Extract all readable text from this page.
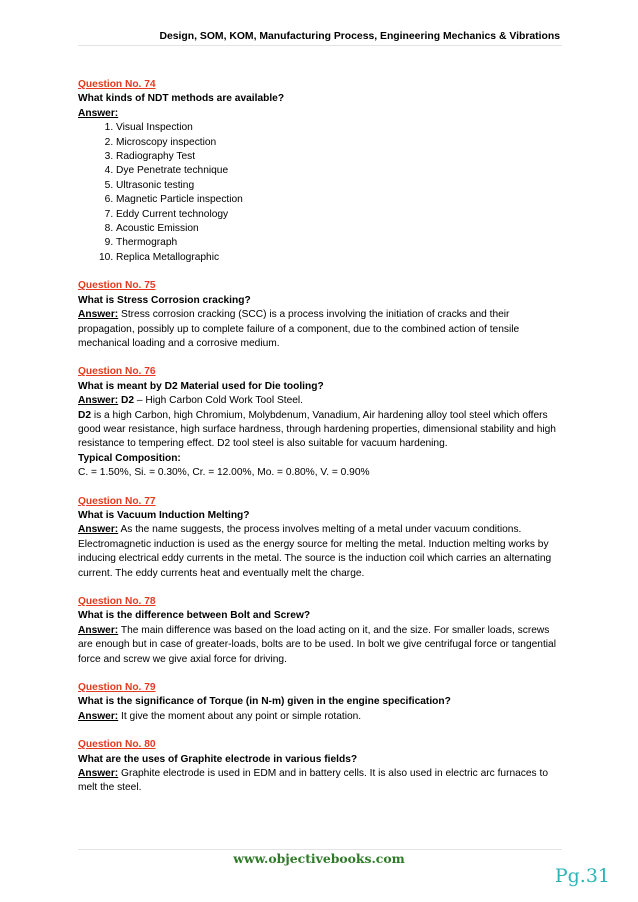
Design, SOM, KOM, Manufacturing Process, Engineering Mechanics & Vibrations

Question No. 74

What kinds of NDT methods are available?

Answer:

1. Visual Inspection
2. Microscopy inspection
3. Radiography Test
4. Dye Penetrate technique
5. Ultrasonic testing
6. Magnetic Particle inspection
7. Eddy Current technology
8. Acoustic Emission
9. Thermograph
10. Replica Metallographic

Question No. 75

What is Stress Corrosion cracking?

Answer: Stress corrosion cracking (SCC) is a process involving the initiation of cracks and their propagation, possibly up to complete failure of a component, due to the combined action of tensile mechanical loading and a corrosive medium.

Question No. 76

What is meant by D2 Material used for Die tooling?

Answer: D2 – High Carbon Cold Work Tool Steel.

D2 is a high Carbon, high Chromium, Molybdenum, Vanadium, Air hardening alloy tool steel which offers good wear resistance, high surface hardness, through hardening properties, dimensional stability and high resistance to tempering effect. D2 tool steel is also suitable for vacuum hardening.

Typical Composition:

C. = 1.50%, Si. = 0.30%, Cr. = 12.00%, Mo. = 0.80%, V. = 0.90%

Question No. 77

What is Vacuum Induction Melting?

Answer: As the name suggests, the process involves melting of a metal under vacuum conditions. Electromagnetic induction is used as the energy source for melting the metal. Induction melting works by inducing electrical eddy currents in the metal. The source is the induction coil which carries an alternating current. The eddy currents heat and eventually melt the charge.

Question No. 78

What is the difference between Bolt and Screw?

Answer: The main difference was based on the load acting on it, and the size. For smaller loads, screws are enough but in case of greater-loads, bolts are to be used. In bolt we give centrifugal force or tangential force and screw we give axial force for driving.

Question No. 79

What is the significance of Torque (in N-m) given in the engine specification?

Answer: It give the moment about any point or simple rotation.

Question No. 80

What are the uses of Graphite electrode in various fields?

Answer: Graphite electrode is used in EDM and in battery cells. It is also used in electric arc furnaces to melt the steel.

www.objectivebooks.com
Pg.31
